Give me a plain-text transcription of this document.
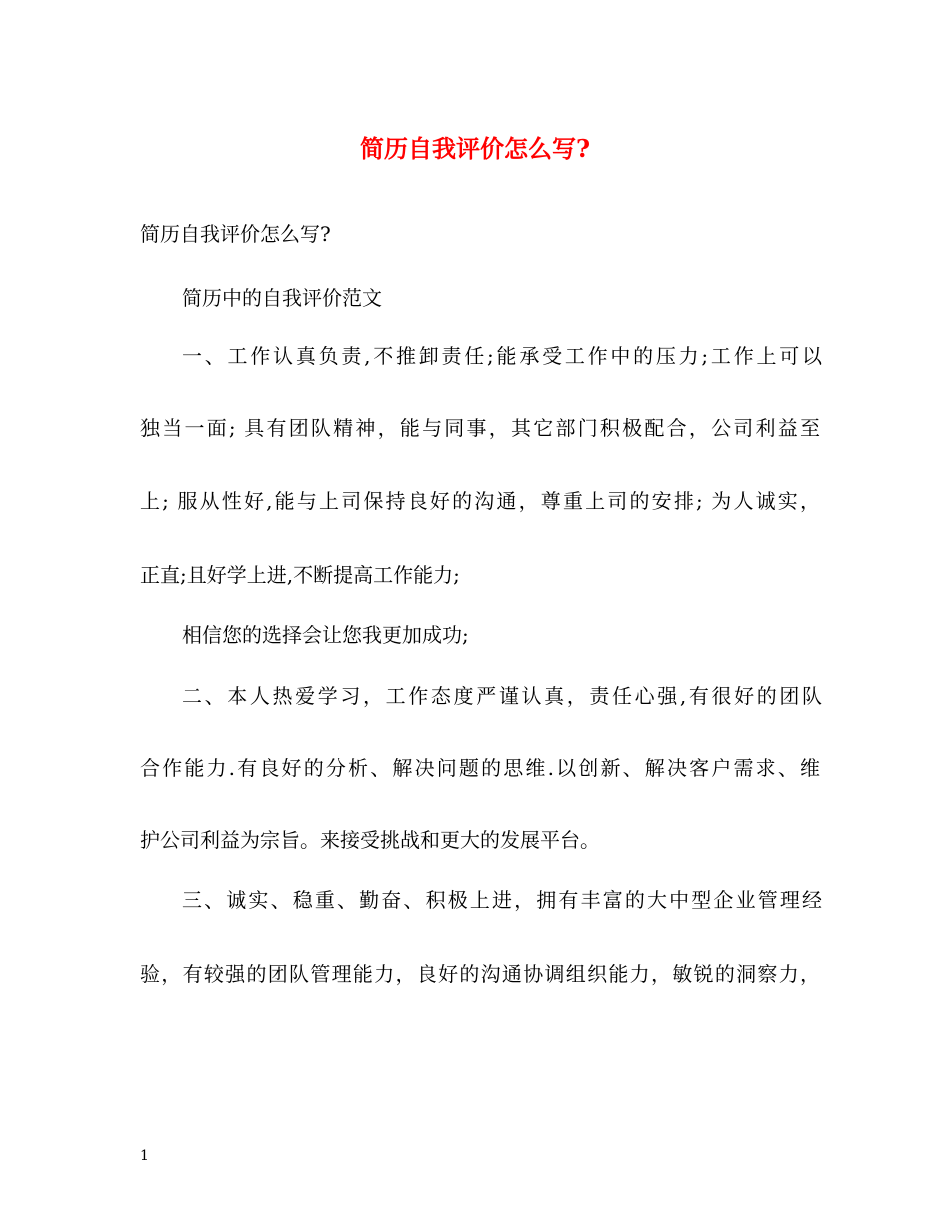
简历自我评价怎么写?

简历自我评价怎么写?

简历中的自我评价范文

一、工作认真负责,不推卸责任;能承受工作中的压力;工作上可以

独当一面; 具有团队精神，能与同事，其它部门积极配合，公司利益至

上; 服从性好,能与上司保持良好的沟通，尊重上司的安排; 为人诚实，

正直;且好学上进,不断提高工作能力;

相信您的选择会让您我更加成功;

二、本人热爱学习，工作态度严谨认真，责任心强,有很好的团队

合作能力.有良好的分析、解决问题的思维.以创新、解决客户需求、维

护公司利益为宗旨。来接受挑战和更大的发展平台。

三、诚实、稳重、勤奋、积极上进，拥有丰富的大中型企业管理经

验，有较强的团队管理能力，良好的沟通协调组织能力，敏锐的洞察力，

1
